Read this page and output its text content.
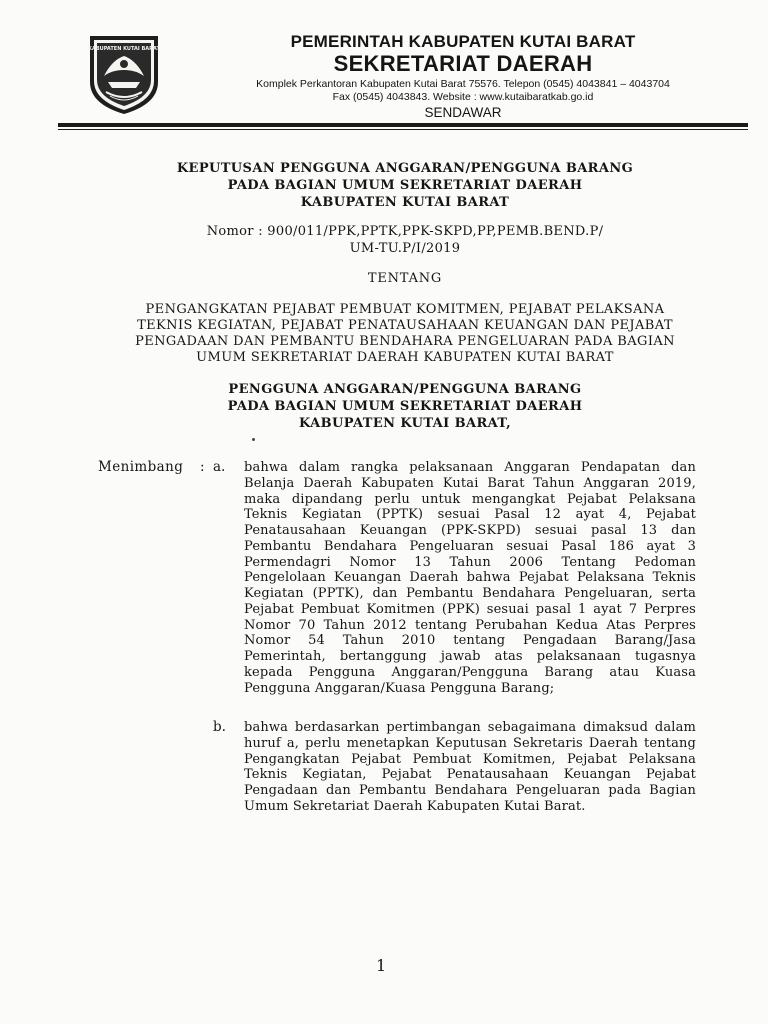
KABUPATEN KUTAI BARAT	PEMERINTAH KABUPATEN KUTAI BARAT
SEKRETARIAT DAERAH
Komplek Perkantoran Kabupaten Kutai Barat 75576. Telepon (0545) 4043841 – 4043704
Fax (0545) 4043843. Website : www.kutaibaratkab.go.id
SENDAWAR
KEPUTUSAN PENGGUNA ANGGARAN/PENGGUNA BARANG
PADA BAGIAN UMUM SEKRETARIAT DAERAH
KABUPATEN KUTAI BARAT
Nomor : 900/011/PPK,PPTK,PPK-SKPD,PP,PEMB.BEND.P/
UM-TU.P/I/2019
TENTANG
PENGANGKATAN PEJABAT PEMBUAT KOMITMEN, PEJABAT PELAKSANA
TEKNIS KEGIATAN, PEJABAT PENATAUSAHAAN KEUANGAN DAN PEJABAT
PENGADAAN DAN PEMBANTU BENDAHARA PENGELUARAN PADA BAGIAN
UMUM SEKRETARIAT DAERAH KABUPATEN KUTAI BARAT
PENGGUNA ANGGARAN/PENGGUNA BARANG
PADA BAGIAN UMUM SEKRETARIAT DAERAH
KABUPATEN KUTAI BARAT,
Menimbang : a. bahwa dalam rangka pelaksanaan Anggaran Pendapatan dan Belanja Daerah Kabupaten Kutai Barat Tahun Anggaran 2019, maka dipandang perlu untuk mengangkat Pejabat Pelaksana Teknis Kegiatan (PPTK) sesuai Pasal 12 ayat 4, Pejabat Penatausahaan Keuangan (PPK-SKPD) sesuai pasal 13 dan Pembantu Bendahara Pengeluaran sesuai Pasal 186 ayat 3 Permendagri Nomor 13 Tahun 2006 Tentang Pedoman Pengelolaan Keuangan Daerah bahwa Pejabat Pelaksana Teknis Kegiatan (PPTK), dan Pembantu Bendahara Pengeluaran, serta Pejabat Pembuat Komitmen (PPK) sesuai pasal 1 ayat 7 Perpres Nomor 70 Tahun 2012 tentang Perubahan Kedua Atas Perpres Nomor 54 Tahun 2010 tentang Pengadaan Barang/Jasa Pemerintah, bertanggung jawab atas pelaksanaan tugasnya kepada Pengguna Anggaran/Pengguna Barang atau Kuasa Pengguna Anggaran/Kuasa Pengguna Barang;
b. bahwa berdasarkan pertimbangan sebagaimana dimaksud dalam huruf a, perlu menetapkan Keputusan Sekretaris Daerah tentang Pengangkatan Pejabat Pembuat Komitmen, Pejabat Pelaksana Teknis Kegiatan, Pejabat Penatausahaan Keuangan Pejabat Pengadaan dan Pembantu Bendahara Pengeluaran pada Bagian Umum Sekretariat Daerah Kabupaten Kutai Barat.
1
